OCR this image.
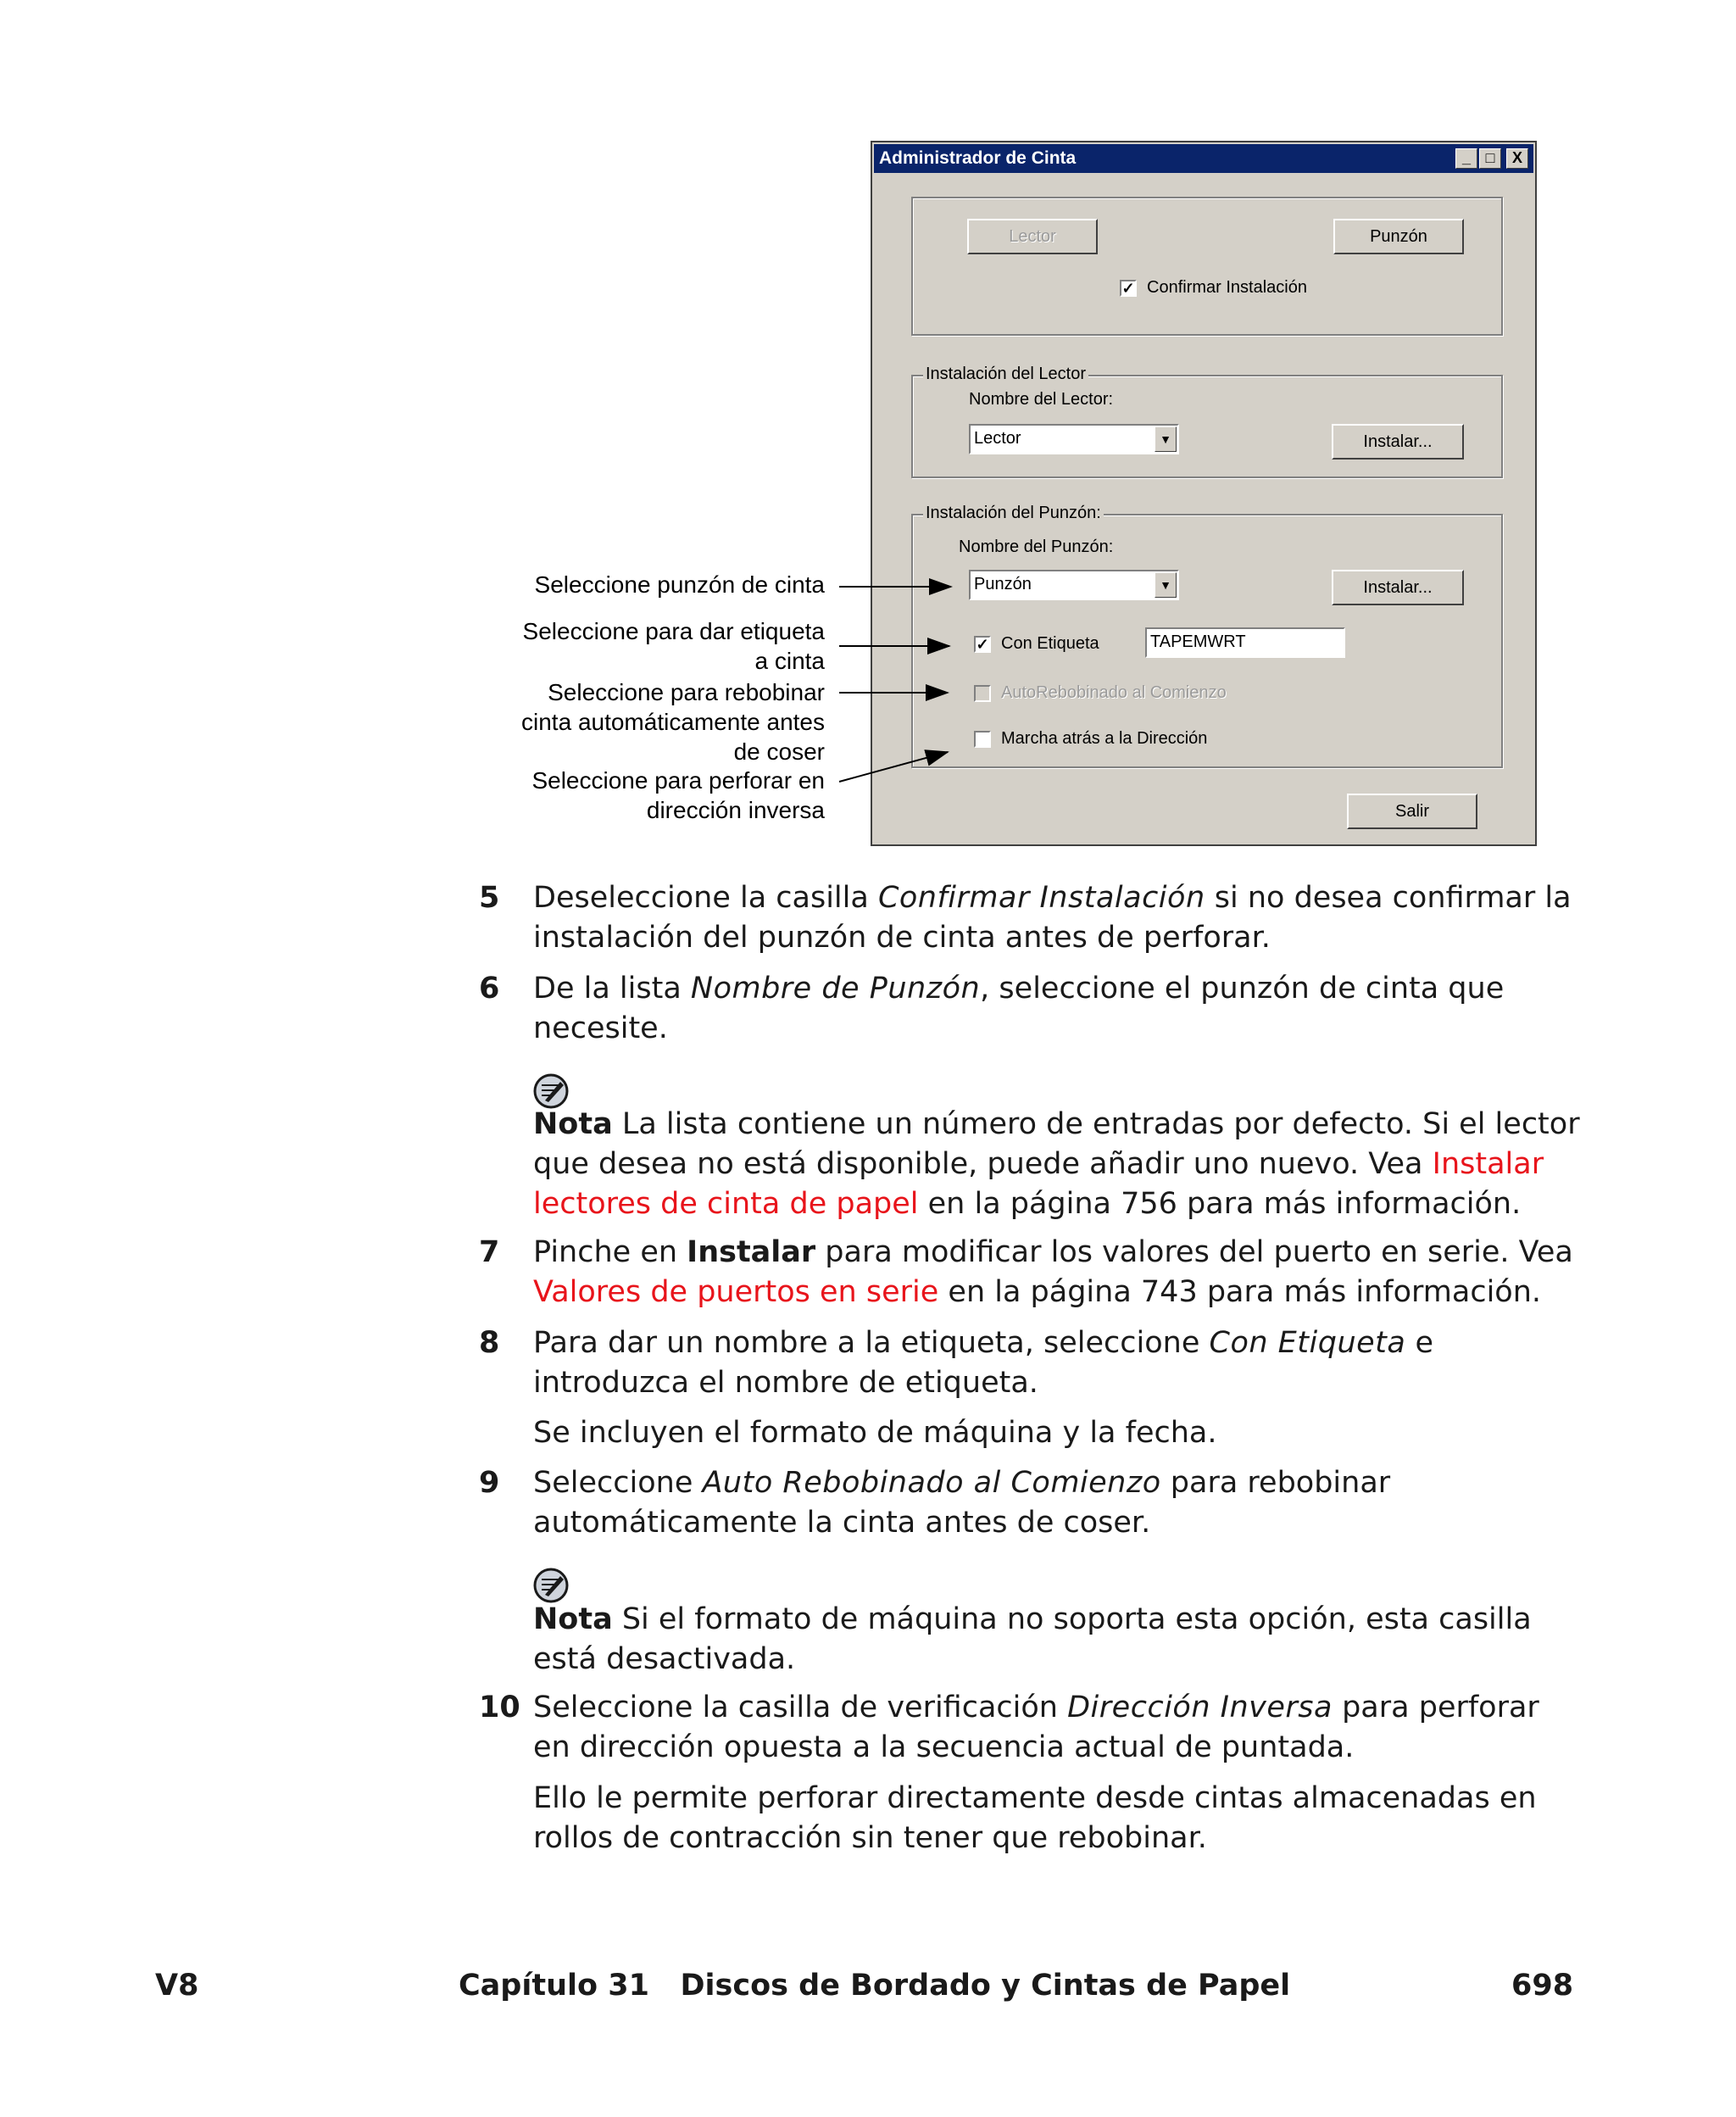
Administrador de Cinta	_ □	X
Lector	Punzón
✓ Confirmar Instalación
Instalación del Lector
Nombre del Lector:
Lector	▼	Instalar...
Instalación del Punzón:
Nombre del Punzón:
Punzón	▼	Instalar...
✓ Con Etiqueta	TAPEMWRT
AutoRebobinado al Comienzo
Marcha atrás a la Dirección
Salir
Seleccione punzón de cinta
Seleccione para dar etiqueta
a cinta
Seleccione para rebobinar
cinta automáticamente antes
de coser
Seleccione para perforar en
dirección inversa
5 Deseleccione la casilla Confirmar Instalación si no desea confirmar la instalación del punzón de cinta antes de perforar.
6 De la lista Nombre de Punzón, seleccione el punzón de cinta que necesite.
Nota La lista contiene un número de entradas por defecto. Si el lector que desea no está disponible, puede añadir uno nuevo. Vea Instalar lectores de cinta de papel en la página 756 para más información.
7 Pinche en Instalar para modificar los valores del puerto en serie. Vea Valores de puertos en serie en la página 743 para más información.
8 Para dar un nombre a la etiqueta, seleccione Con Etiqueta e introduzca el nombre de etiqueta.
Se incluyen el formato de máquina y la fecha.
9 Seleccione Auto Rebobinado al Comienzo para rebobinar automáticamente la cinta antes de coser.
Nota Si el formato de máquina no soporta esta opción, esta casilla está desactivada.
10 Seleccione la casilla de verificación Dirección Inversa para perforar en dirección opuesta a la secuencia actual de puntada.
Ello le permite perforar directamente desde cintas almacenadas en rollos de contracción sin tener que rebobinar.
V8	Capítulo 31   Discos de Bordado y Cintas de Papel	698
